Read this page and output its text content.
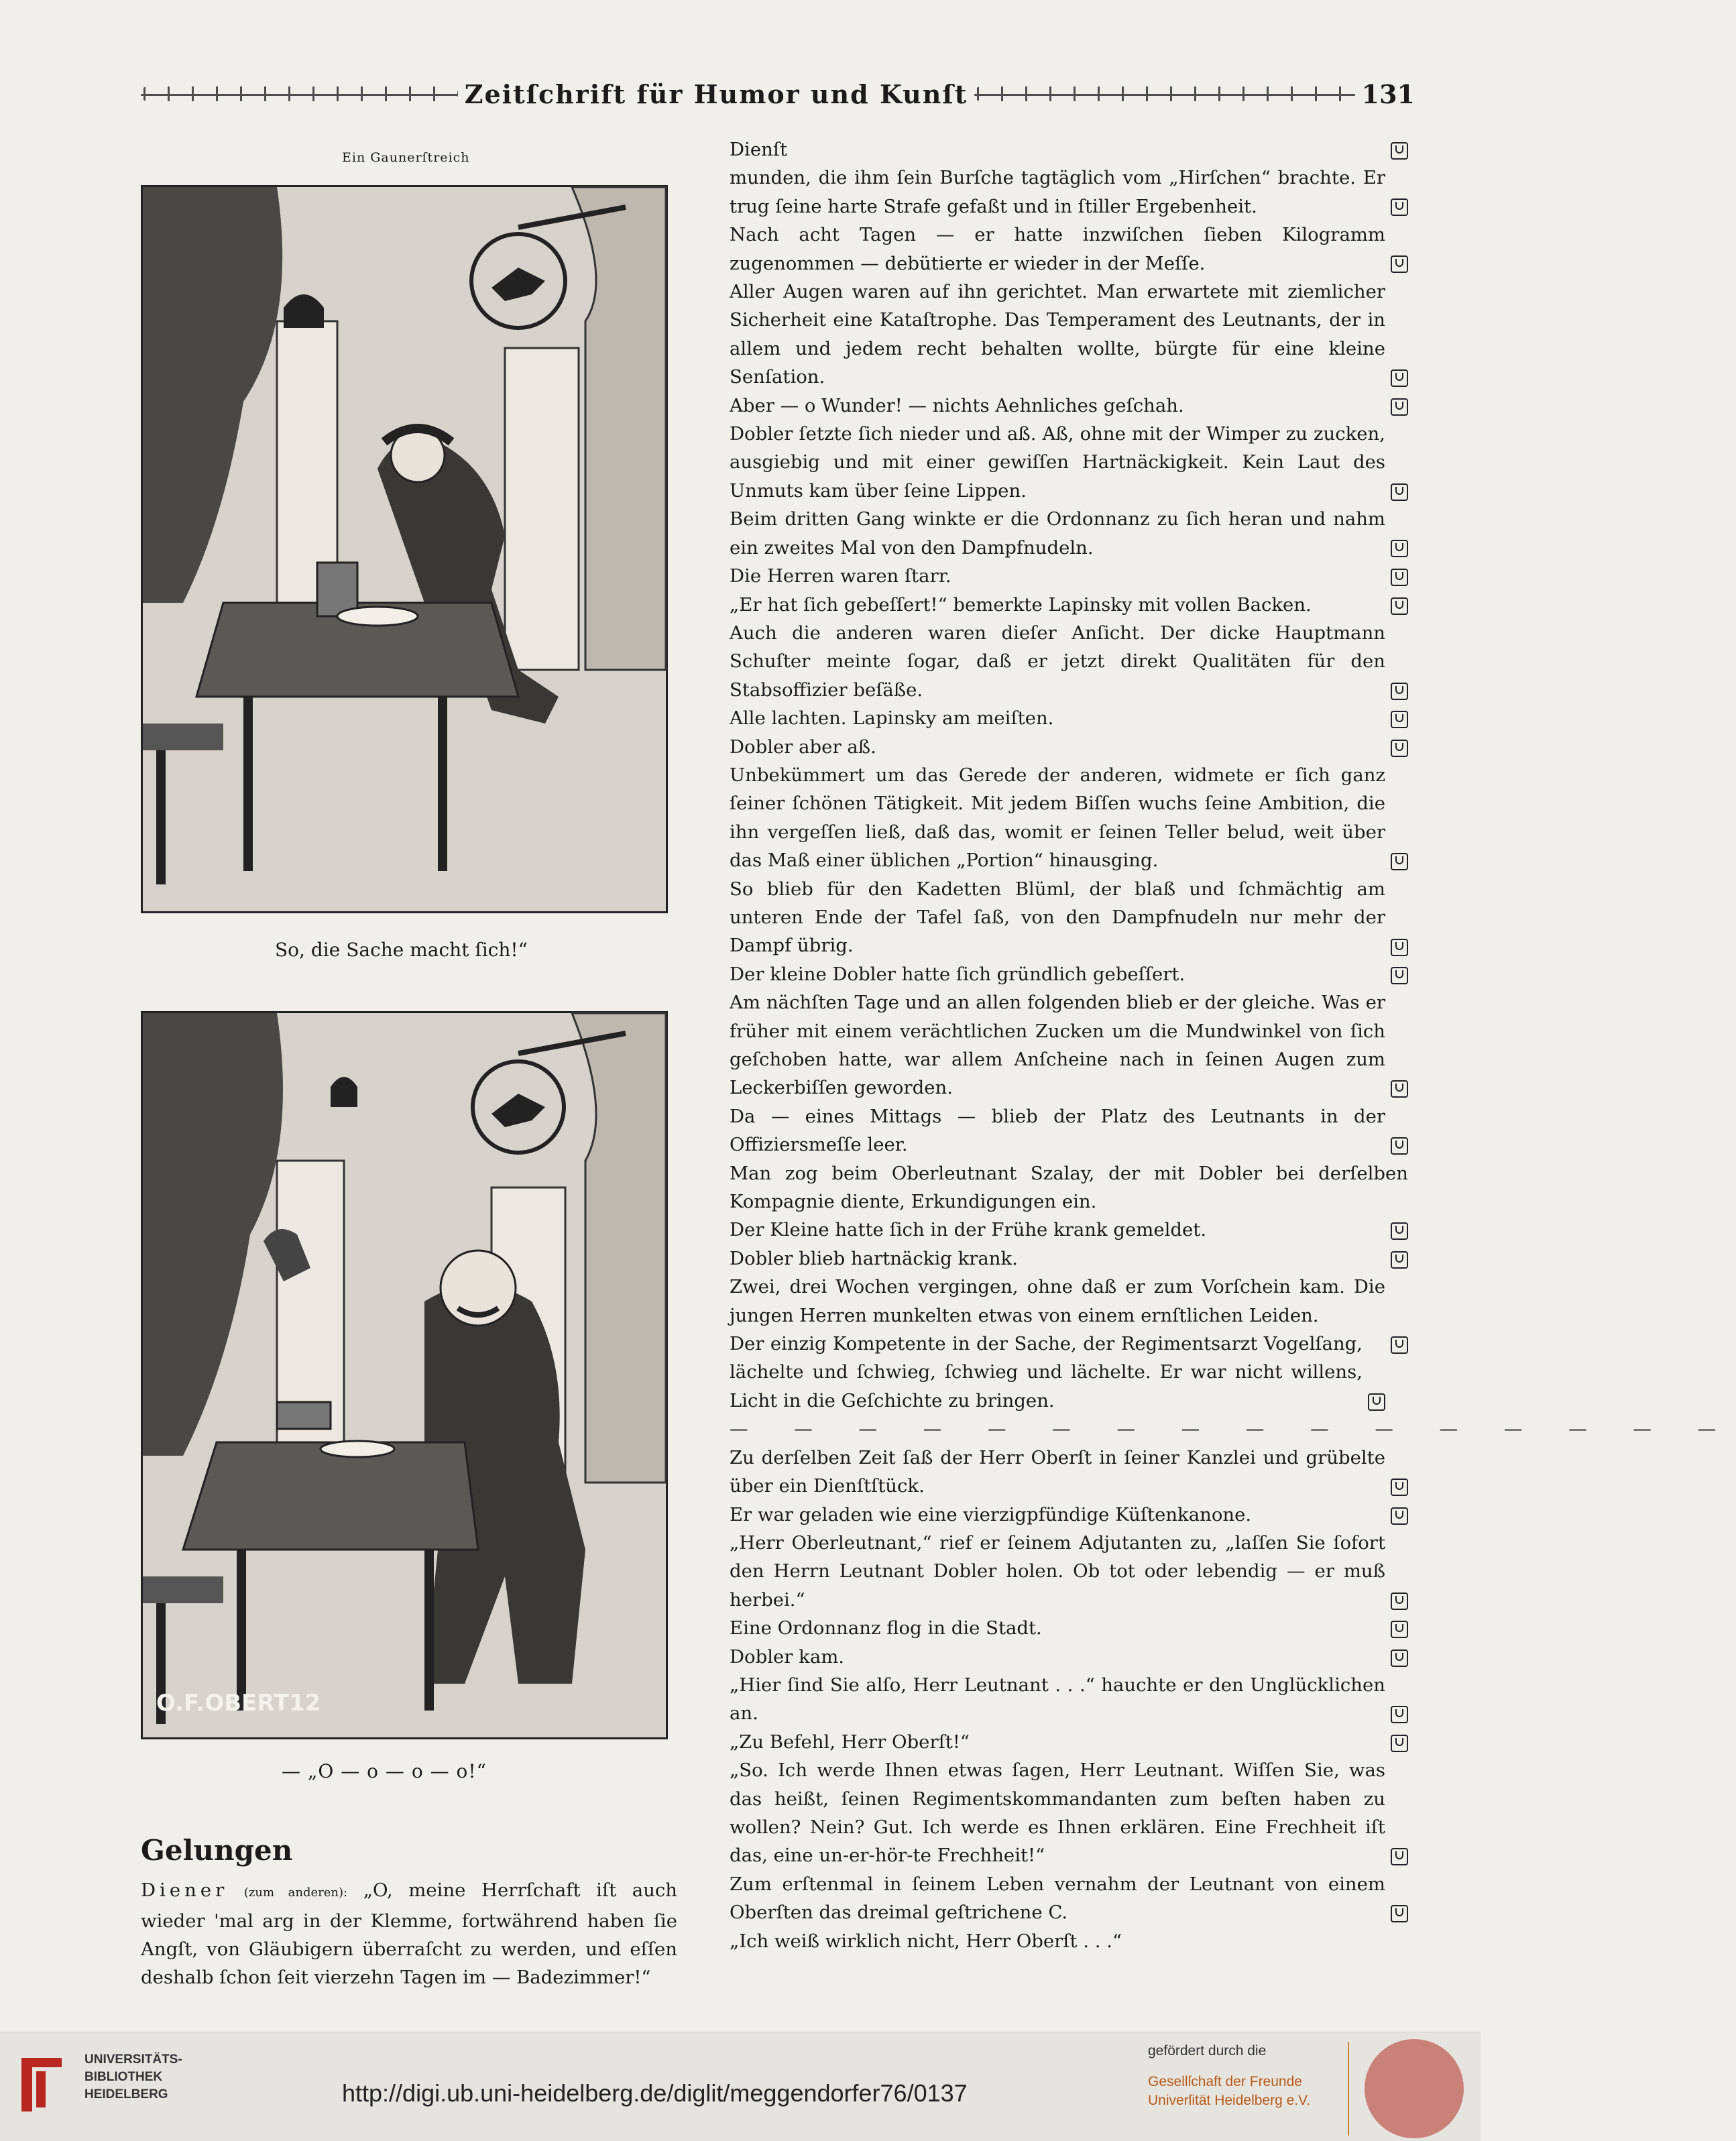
Zeitſchrift für Humor und Kunſt	131
Ein Gaunerſtreich
So, die Sache macht ſich!“
O.F.OBERT12
— „O — o — o — o!“
Gelungen
Diener (zum anderen): „O, meine Herrſchaft iſt auch wieder 'mal arg in der Klemme, fortwährend haben ſie Angſt, von Gläubigern überraſcht zu werden, und eſſen deshalb ſchon ſeit vierzehn Tagen im — Badezimmer!“
Dienſt
munden, die ihm ſein Burſche tagtäglich vom „Hirſchen“ brachte. Er trug ſeine harte Strafe gefaßt und in ſtiller Ergebenheit.
Nach acht Tagen — er hatte inzwiſchen ſieben Kilogramm zugenommen — debütierte er wieder in der Meſſe.
Aller Augen waren auf ihn gerichtet. Man erwartete mit ziemlicher Sicherheit eine Kataſtrophe. Das Temperament des Leutnants, der in allem und jedem recht behalten wollte, bürgte für eine kleine Senſation.
Aber — o Wunder! — nichts Aehnliches geſchah.
Dobler ſetzte ſich nieder und aß. Aß, ohne mit der Wimper zu zucken, ausgiebig und mit einer gewiſſen Hartnäckigkeit. Kein Laut des Unmuts kam über ſeine Lippen.
Beim dritten Gang winkte er die Ordonnanz zu ſich heran und nahm ein zweites Mal von den Dampfnudeln.
Die Herren waren ſtarr.
„Er hat ſich gebeſſert!“ bemerkte Lapinsky mit vollen Backen.
Auch die anderen waren dieſer Anſicht. Der dicke Hauptmann Schuſter meinte ſogar, daß er jetzt direkt Qualitäten für den Stabsoffizier beſäße.
Alle lachten. Lapinsky am meiſten.
Dobler aber aß.
Unbekümmert um das Gerede der anderen, widmete er ſich ganz ſeiner ſchönen Tätigkeit. Mit jedem Biſſen wuchs ſeine Ambition, die ihn vergeſſen ließ, daß das, womit er ſeinen Teller belud, weit über das Maß einer üblichen „Portion“ hinausging.
So blieb für den Kadetten Blüml, der blaß und ſchmächtig am unteren Ende der Tafel ſaß, von den Dampfnudeln nur mehr der Dampf übrig.
Der kleine Dobler hatte ſich gründlich gebeſſert.
Am nächſten Tage und an allen folgenden blieb er der gleiche. Was er früher mit einem verächtlichen Zucken um die Mundwinkel von ſich geſchoben hatte, war allem Anſcheine nach in ſeinen Augen zum Leckerbiſſen geworden.
Da — eines Mittags — blieb der Platz des Leutnants in der Offiziersmeſſe leer.
Man zog beim Oberleutnant Szalay, der mit Dobler bei derſelben Kompagnie diente, Erkundigungen ein.
Der Kleine hatte ſich in der Frühe krank gemeldet.
Dobler blieb hartnäckig krank.
Zwei, drei Wochen vergingen, ohne daß er zum Vorſchein kam. Die jungen Herren munkelten etwas von einem ernſtlichen Leiden.
Der einzig Kompetente in der Sache, der Regimentsarzt Vogelſang, lächelte und ſchwieg, ſchwieg und lächelte. Er war nicht willens, Licht in die Geſchichte zu bringen.
— — — — — — — — — — — — — — — —
Zu derſelben Zeit ſaß der Herr Oberſt in ſeiner Kanzlei und grübelte über ein Dienſtſtück.
Er war geladen wie eine vierzigpfündige Küſtenkanone.
„Herr Oberleutnant,“ rief er ſeinem Adjutanten zu, „laſſen Sie ſofort den Herrn Leutnant Dobler holen. Ob tot oder lebendig — er muß herbei.“
Eine Ordonnanz flog in die Stadt.
Dobler kam.
„Hier ſind Sie alſo, Herr Leutnant . . .“ hauchte er den Unglücklichen an.
„Zu Befehl, Herr Oberſt!“
„So. Ich werde Ihnen etwas ſagen, Herr Leutnant. Wiſſen Sie, was das heißt, ſeinen Regimentskommandanten zum beſten haben zu wollen? Nein? Gut. Ich werde es Ihnen erklären. Eine Frechheit iſt das, eine un-er-hör-te Frechheit!“
Zum erſtenmal in ſeinem Leben vernahm der Leutnant von einem Oberſten das dreimal geſtrichene C.
„Ich weiß wirklich nicht, Herr Oberſt . . .“
UNIVERSITÄTS-
BIBLIOTHEK
HEIDELBERG	http://digi.ub.uni-heidelberg.de/diglit/meggendorfer76/0137
gefördert durch die
Gesellſchaft der Freunde
Univerſität Heidelberg e.V.
